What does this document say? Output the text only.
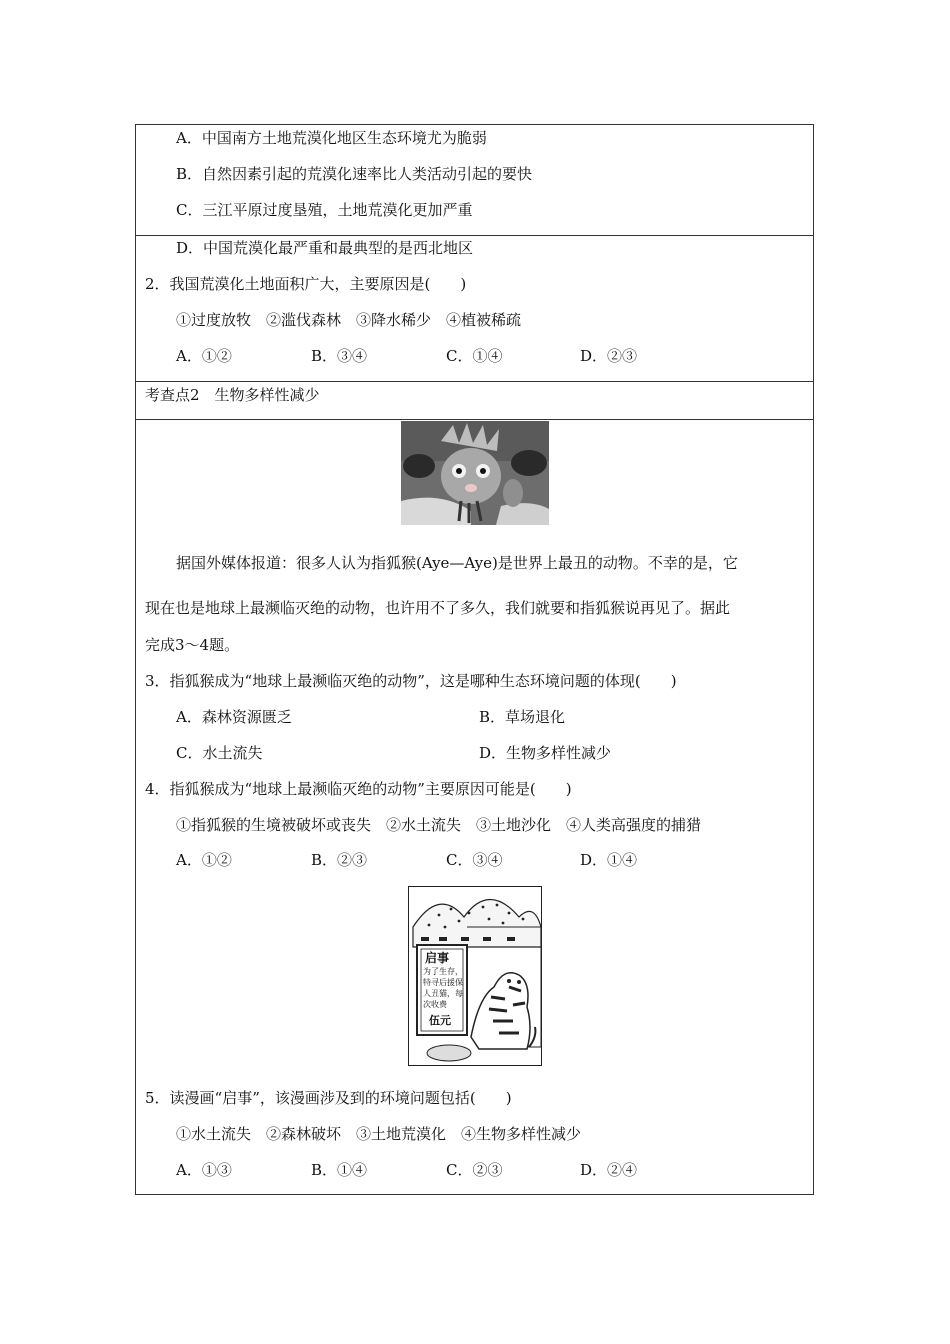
A．中国南方土地荒漠化地区生态环境尤为脆弱
B．自然因素引起的荒漠化速率比人类活动引起的要快
C．三江平原过度垦殖，土地荒漠化更加严重
D．中国荒漠化最严重和最典型的是西北地区
2．我国荒漠化土地面积广大，主要原因是(　　)
①过度放牧　②滥伐森林　③降水稀少　④植被稀疏
A．①②	B．③④	C．①④	D．②③
考查点2　生物多样性减少
据国外媒体报道：很多人认为指狐猴(Aye—Aye)是世界上最丑的动物。不幸的是，它
现在也是地球上最濒临灭绝的动物，也许用不了多久，我们就要和指狐猴说再见了。据此
完成3～4题。
3．指狐猴成为“地球上最濒临灭绝的动物”，这是哪种生态环境问题的体现(　　)
A．森林资源匮乏	B．草场退化
C．水土流失	D．生物多样性减少
4．指狐猴成为“地球上最濒临灭绝的动物”主要原因可能是(　　)
①指狐猴的生境被破坏或丧失　②水土流失　③土地沙化　④人类高强度的捕猎
A．①②	B．②③	C．③④	D．①④
启事
为了生存，
特寻后援保
人丑猫，每
次收费
伍元
5．读漫画“启事”，该漫画涉及到的环境问题包括(　　)
①水土流失　②森林破坏　③土地荒漠化　④生物多样性减少
A．①③	B．①④	C．②③	D．②④
